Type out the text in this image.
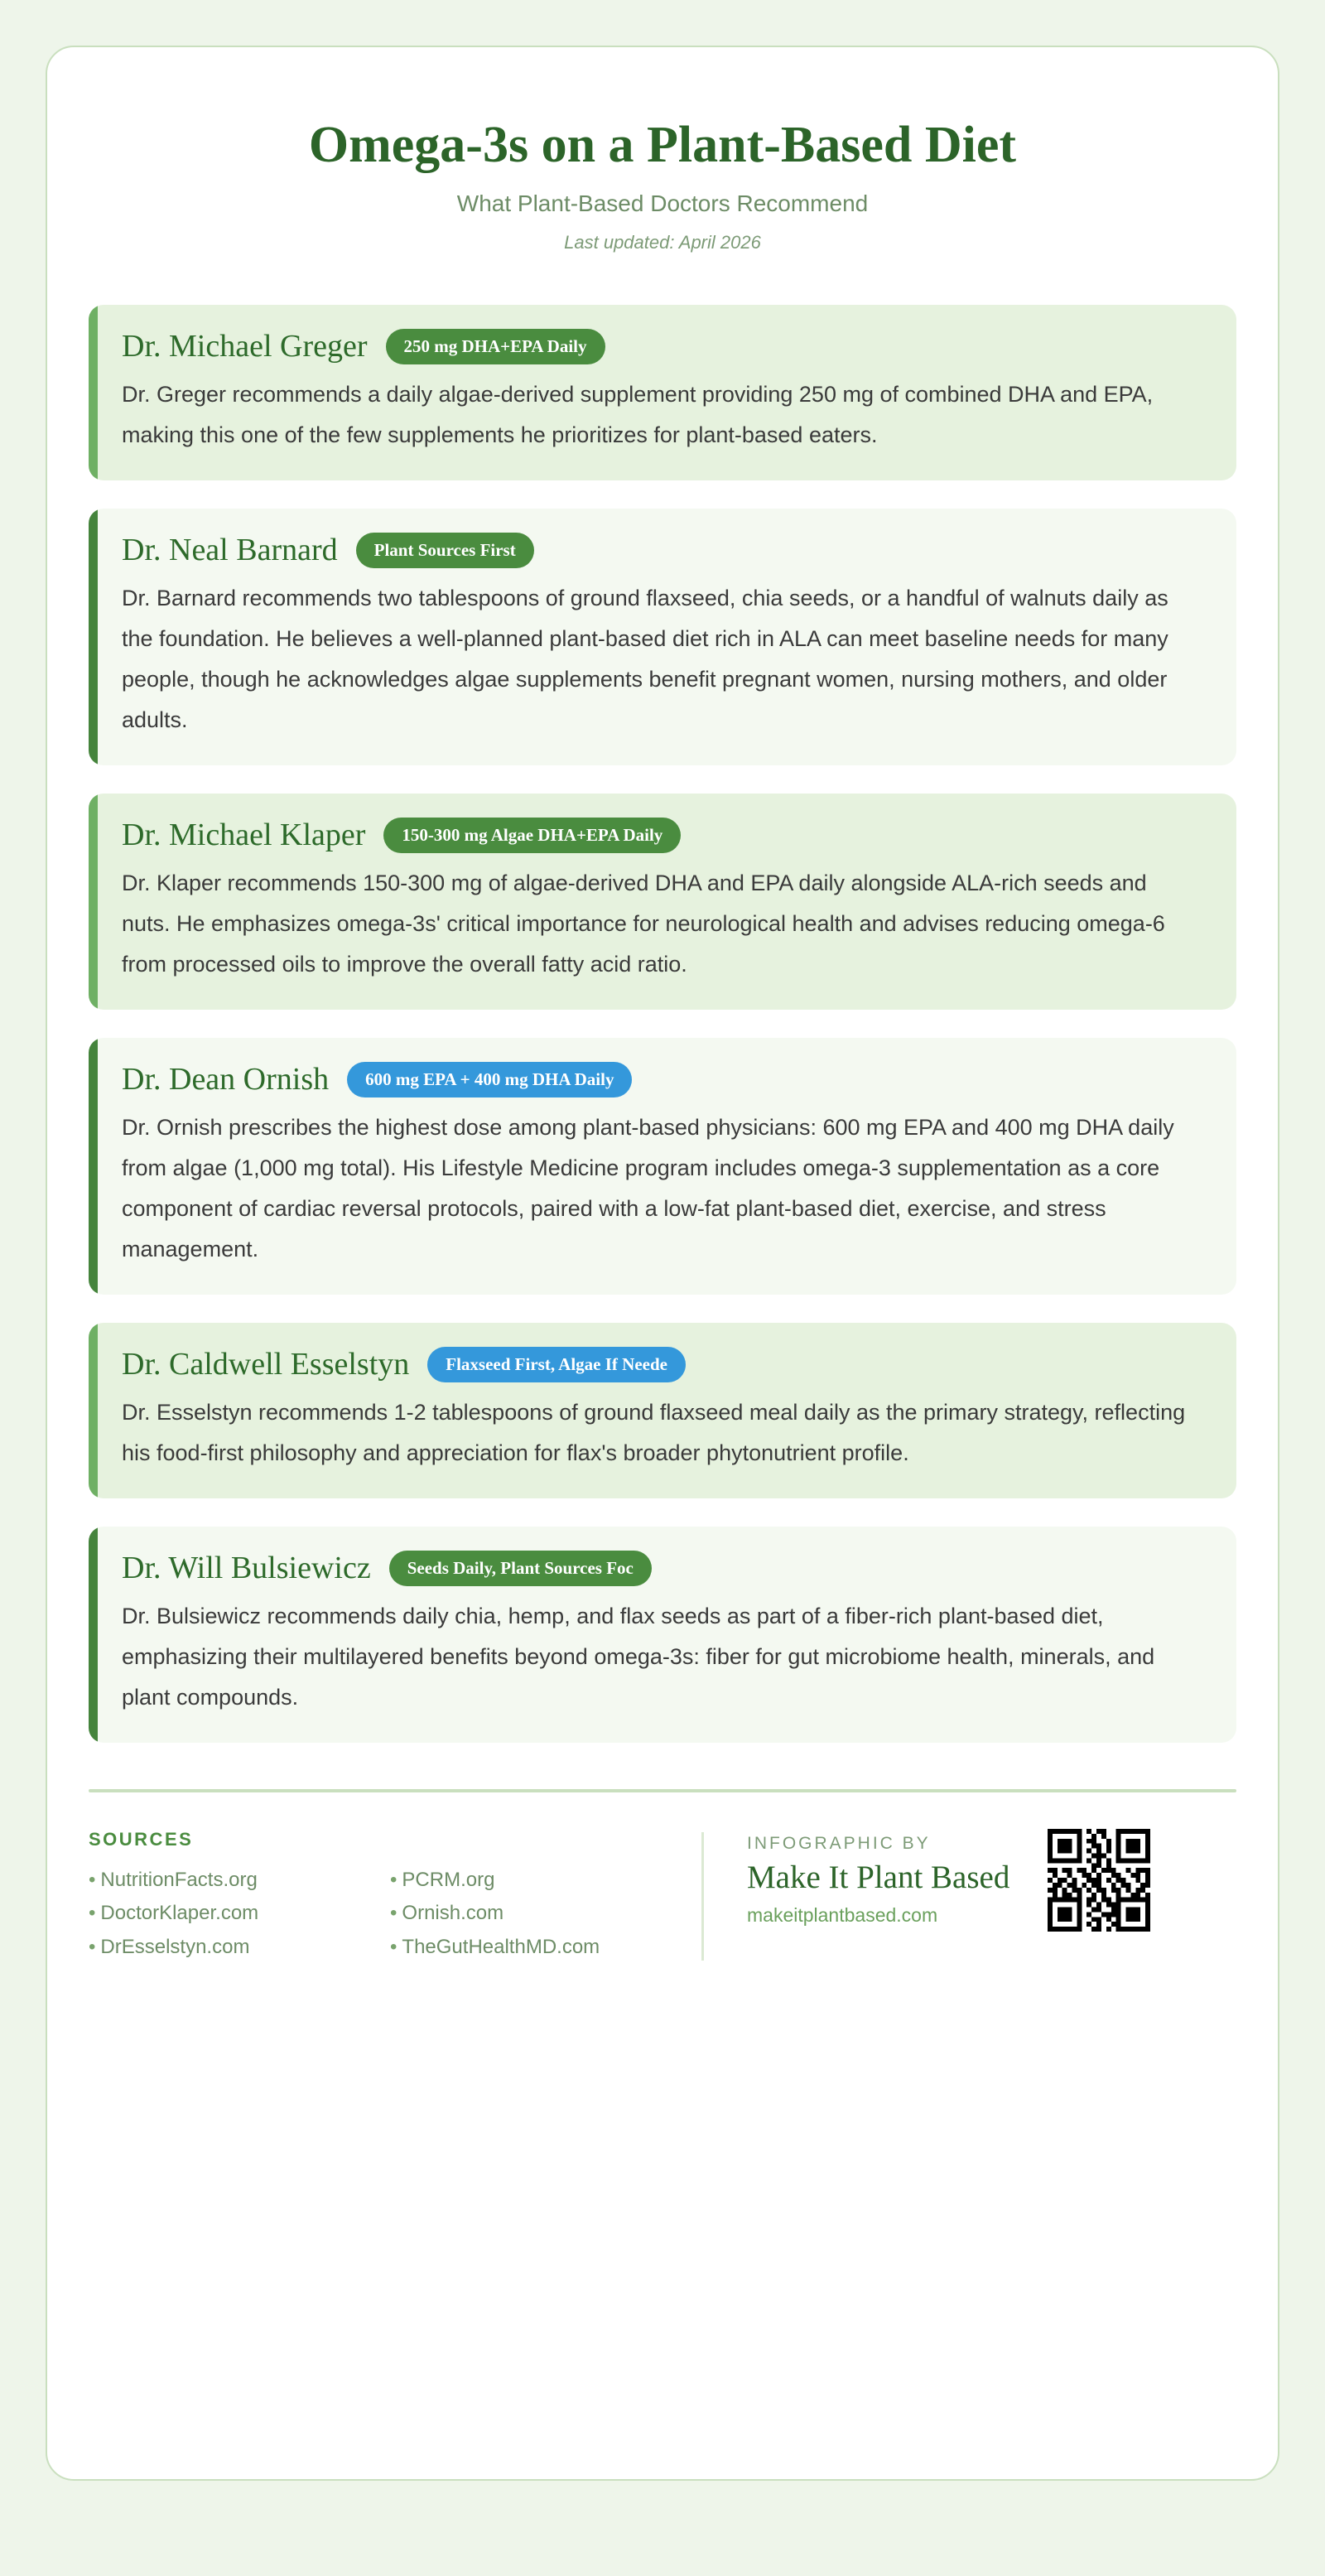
Omega-3s on a Plant-Based Diet
What Plant-Based Doctors Recommend
Last updated: April 2026
Dr. Michael Greger	250 mg DHA+EPA Daily
Dr. Greger recommends a daily algae-derived supplement providing 250 mg of combined DHA and EPA, making this one of the few supplements he prioritizes for plant-based eaters.
Dr. Neal Barnard	Plant Sources First
Dr. Barnard recommends two tablespoons of ground flaxseed, chia seeds, or a handful of walnuts daily as the foundation. He believes a well-planned plant-based diet rich in ALA can meet baseline needs for many people, though he acknowledges algae supplements benefit pregnant women, nursing mothers, and older adults.
Dr. Michael Klaper	150-300 mg Algae DHA+EPA Daily
Dr. Klaper recommends 150-300 mg of algae-derived DHA and EPA daily alongside ALA-rich seeds and nuts. He emphasizes omega-3s' critical importance for neurological health and advises reducing omega-6 from processed oils to improve the overall fatty acid ratio.
Dr. Dean Ornish	600 mg EPA + 400 mg DHA Daily
Dr. Ornish prescribes the highest dose among plant-based physicians: 600 mg EPA and 400 mg DHA daily from algae (1,000 mg total). His Lifestyle Medicine program includes omega-3 supplementation as a core component of cardiac reversal protocols, paired with a low-fat plant-based diet, exercise, and stress management.
Dr. Caldwell Esselstyn	Flaxseed First, Algae If Neede
Dr. Esselstyn recommends 1-2 tablespoons of ground flaxseed meal daily as the primary strategy, reflecting his food-first philosophy and appreciation for flax's broader phytonutrient profile.
Dr. Will Bulsiewicz	Seeds Daily, Plant Sources Foc
Dr. Bulsiewicz recommends daily chia, hemp, and flax seeds as part of a fiber-rich plant-based diet, emphasizing their multilayered benefits beyond omega-3s: fiber for gut microbiome health, minerals, and plant compounds.
SOURCES
• NutritionFacts.org
• DoctorKlaper.com
• DrEsselstyn.com
• PCRM.org
• Ornish.com
• TheGutHealthMD.com
INFOGRAPHIC BY
Make It Plant Based
makeitplantbased.com
